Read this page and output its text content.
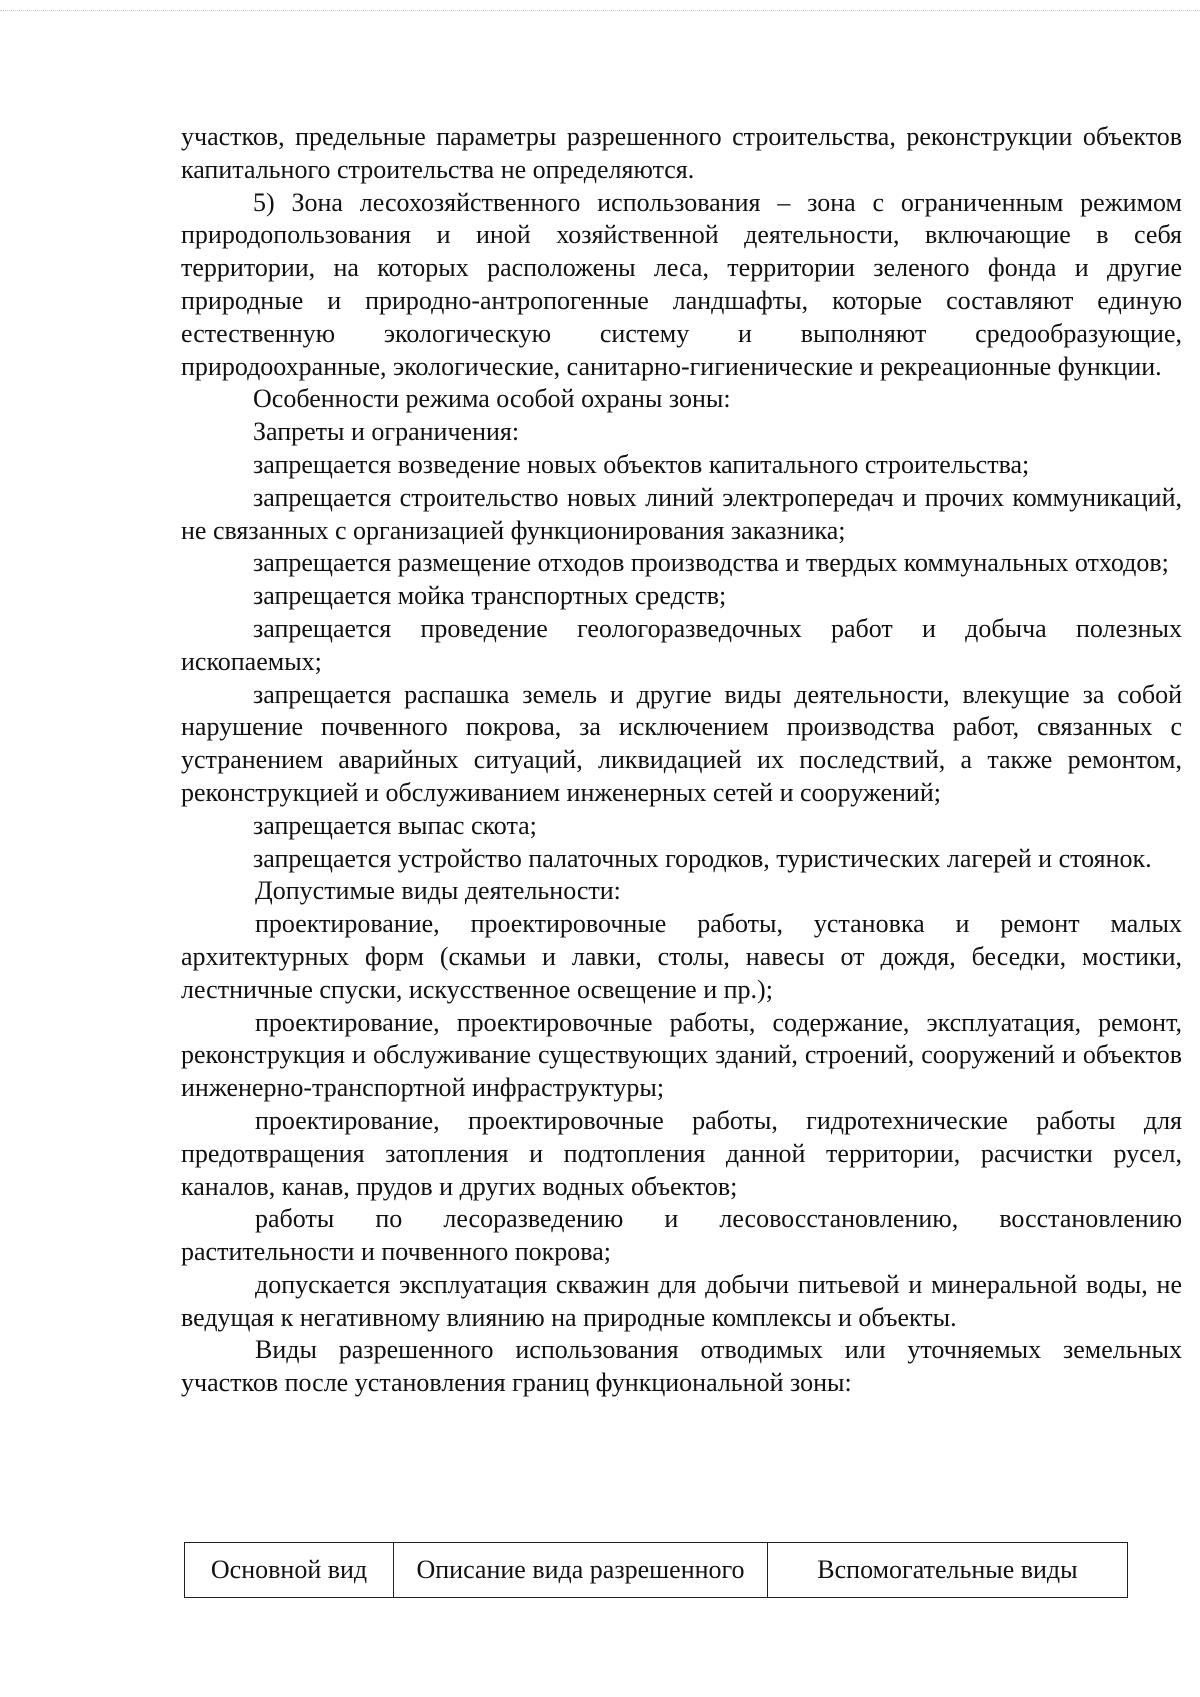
участков, предельные параметры разрешенного строительства, реконструкции объектов капитального строительства не определяются.

5) Зона лесохозяйственного использования – зона с ограниченным режимом природопользования и иной хозяйственной деятельности, включающие в себя территории, на которых расположены леса, территории зеленого фонда и другие природные и природно-антропогенные ландшафты, которые составляют единую естественную экологическую систему и выполняют средообразующие, природоохранные, экологические, санитарно-гигиенические и рекреационные функции.

Особенности режима особой охраны зоны:

Запреты и ограничения:

запрещается возведение новых объектов капитального строительства;

запрещается строительство новых линий электропередач и прочих коммуникаций, не связанных с организацией функционирования заказника;

запрещается размещение отходов производства и твердых коммунальных отходов;

запрещается мойка транспортных средств;

запрещается проведение геологоразведочных работ и добыча полезных ископаемых;

запрещается распашка земель и другие виды деятельности, влекущие за собой нарушение почвенного покрова, за исключением производства работ, связанных с устранением аварийных ситуаций, ликвидацией их последствий, а также ремонтом, реконструкцией и обслуживанием инженерных сетей и сооружений;

запрещается выпас скота;

запрещается устройство палаточных городков, туристических лагерей и стоянок.

Допустимые виды деятельности:

проектирование, проектировочные работы, установка и ремонт малых архитектурных форм (скамьи и лавки, столы, навесы от дождя, беседки, мостики, лестничные спуски, искусственное освещение и пр.);

проектирование, проектировочные работы, содержание, эксплуатация, ремонт, реконструкция и обслуживание существующих зданий, строений, сооружений и объектов инженерно-транспортной инфраструктуры;

проектирование, проектировочные работы, гидротехнические работы для предотвращения затопления и подтопления данной территории, расчистки русел, каналов, канав, прудов и других водных объектов;

работы по лесоразведению и лесовосстановлению, восстановлению растительности и почвенного покрова;

допускается эксплуатация скважин для добычи питьевой и минеральной воды, не ведущая к негативному влиянию на природные комплексы и объекты.

Виды разрешенного использования отводимых или уточняемых земельных участков после установления границ функциональной зоны:

Основной вид	Описание вида разрешенного	Вспомогательные виды
